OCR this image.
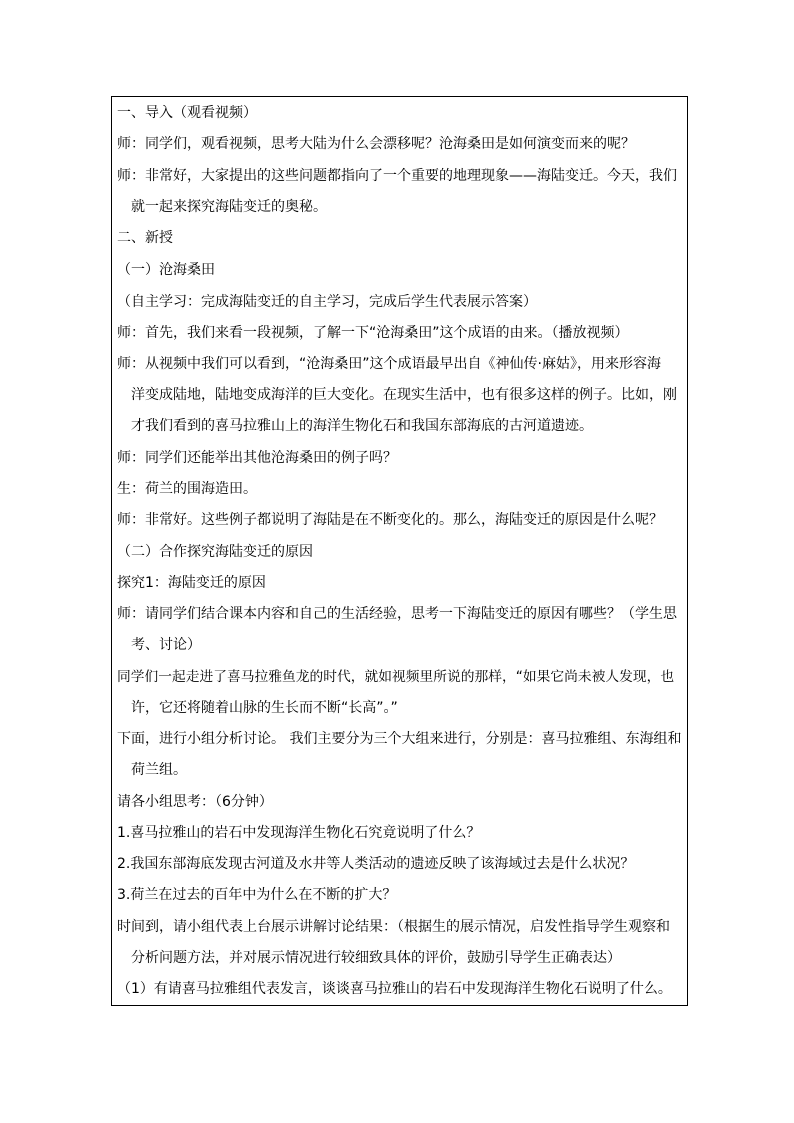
一、导入（观看视频）
师：同学们，观看视频，思考大陆为什么会漂移呢？沧海桑田是如何演变而来的呢？
师：非常好，大家提出的这些问题都指向了一个重要的地理现象——海陆变迁。今天，我们
就一起来探究海陆变迁的奥秘。
二、新授
（一）沧海桑田
（自主学习：完成海陆变迁的自主学习，完成后学生代表展示答案）
师：首先，我们来看一段视频，了解一下“沧海桑田”这个成语的由来。（播放视频）
师：从视频中我们可以看到，“沧海桑田”这个成语最早出自《神仙传·麻姑》，用来形容海
洋变成陆地，陆地变成海洋的巨大变化。在现实生活中，也有很多这样的例子。比如，刚
才我们看到的喜马拉雅山上的海洋生物化石和我国东部海底的古河道遗迹。
师：同学们还能举出其他沧海桑田的例子吗？
生：荷兰的围海造田。
师：非常好。这些例子都说明了海陆是在不断变化的。那么，海陆变迁的原因是什么呢？
（二）合作探究海陆变迁的原因
探究1：海陆变迁的原因
师：请同学们结合课本内容和自己的生活经验，思考一下海陆变迁的原因有哪些？（学生思
考、讨论）
同学们一起走进了喜马拉雅鱼龙的时代，就如视频里所说的那样，“如果它尚未被人发现，也
许，它还将随着山脉的生长而不断“长高”。”
下面，进行小组分析讨论。 我们主要分为三个大组来进行，分别是：喜马拉雅组、东海组和
荷兰组。
请各小组思考：（6分钟）
1.喜马拉雅山的岩石中发现海洋生物化石究竟说明了什么？
2.我国东部海底发现古河道及水井等人类活动的遗迹反映了该海域过去是什么状况？
3.荷兰在过去的百年中为什么在不断的扩大？
时间到，请小组代表上台展示讲解讨论结果：（根据生的展示情况，启发性指导学生观察和
分析问题方法，并对展示情况进行较细致具体的评价，鼓励引导学生正确表达）
（1）有请喜马拉雅组代表发言，谈谈喜马拉雅山的岩石中发现海洋生物化石说明了什么。
